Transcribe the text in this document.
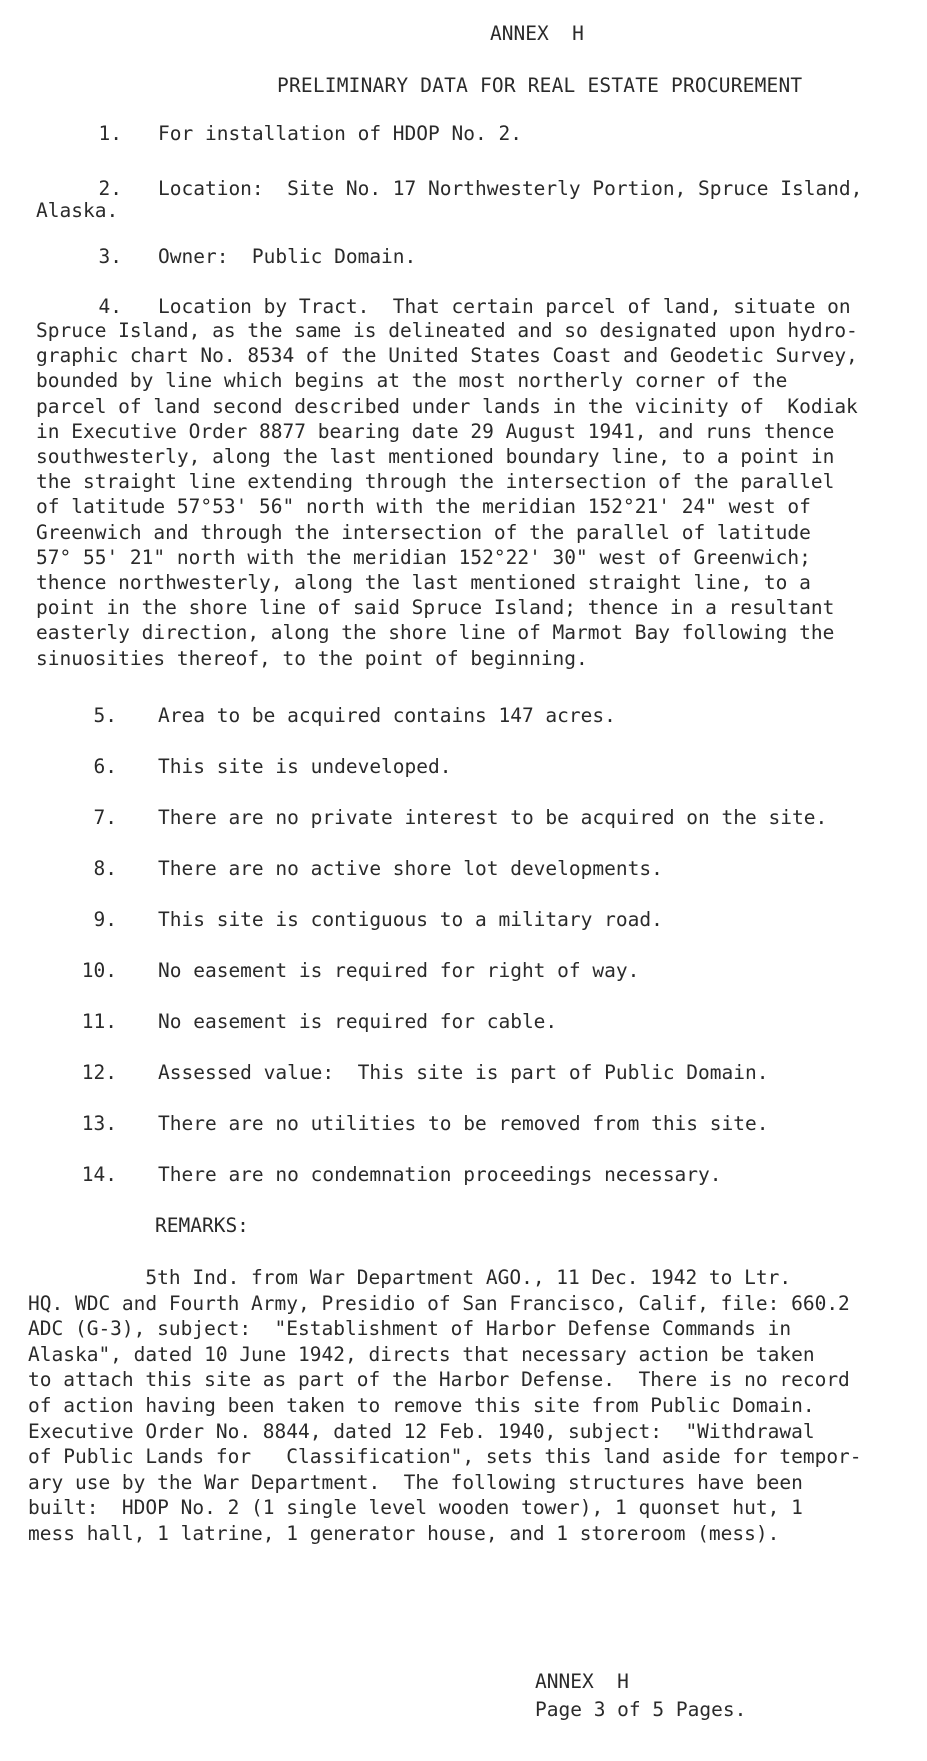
ANNEX  H
PRELIMINARY DATA FOR REAL ESTATE PROCUREMENT
1. For installation of HDOP No. 2.
2. Location:  Site No. 17 Northwesterly Portion, Spruce Island,
Alaska.
3. Owner:  Public Domain.
4. Location by Tract.  That certain parcel of land, situate on
Spruce Island, as the same is delineated and so designated upon hydro-
graphic chart No. 8534 of the United States Coast and Geodetic Survey,
bounded by line which begins at the most northerly corner of the
parcel of land second described under lands in the vicinity of  Kodiak
in Executive Order 8877 bearing date 29 August 1941, and runs thence
southwesterly, along the last mentioned boundary line, to a point in
the straight line extending through the intersection of the parallel
of latitude 57°53' 56" north with the meridian 152°21' 24" west of
Greenwich and through the intersection of the parallel of latitude
57° 55' 21" north with the meridian 152°22' 30" west of Greenwich;
thence northwesterly, along the last mentioned straight line, to a
point in the shore line of said Spruce Island; thence in a resultant
easterly direction, along the shore line of Marmot Bay following the
sinuosities thereof, to the point of beginning.
5. Area to be acquired contains 147 acres.
6. This site is undeveloped.
7. There are no private interest to be acquired on the site.
8. There are no active shore lot developments.
9. This site is contiguous to a military road.
10. No easement is required for right of way.
11. No easement is required for cable.
12. Assessed value:  This site is part of Public Domain.
13. There are no utilities to be removed from this site.
14. There are no condemnation proceedings necessary.
REMARKS:
5th Ind. from War Department AGO., 11 Dec. 1942 to Ltr.
HQ. WDC and Fourth Army, Presidio of San Francisco, Calif, file: 660.2
ADC (G-3), subject:  "Establishment of Harbor Defense Commands in
Alaska", dated 10 June 1942, directs that necessary action be taken
to attach this site as part of the Harbor Defense.  There is no record
of action having been taken to remove this site from Public Domain.
Executive Order No. 8844, dated 12 Feb. 1940, subject:  "Withdrawal
of Public Lands for   Classification", sets this land aside for tempor-
ary use by the War Department.  The following structures have been
built:  HDOP No. 2 (1 single level wooden tower), 1 quonset hut, 1
mess hall, 1 latrine, 1 generator house, and 1 storeroom (mess).
ANNEX  H
Page 3 of 5 Pages.
